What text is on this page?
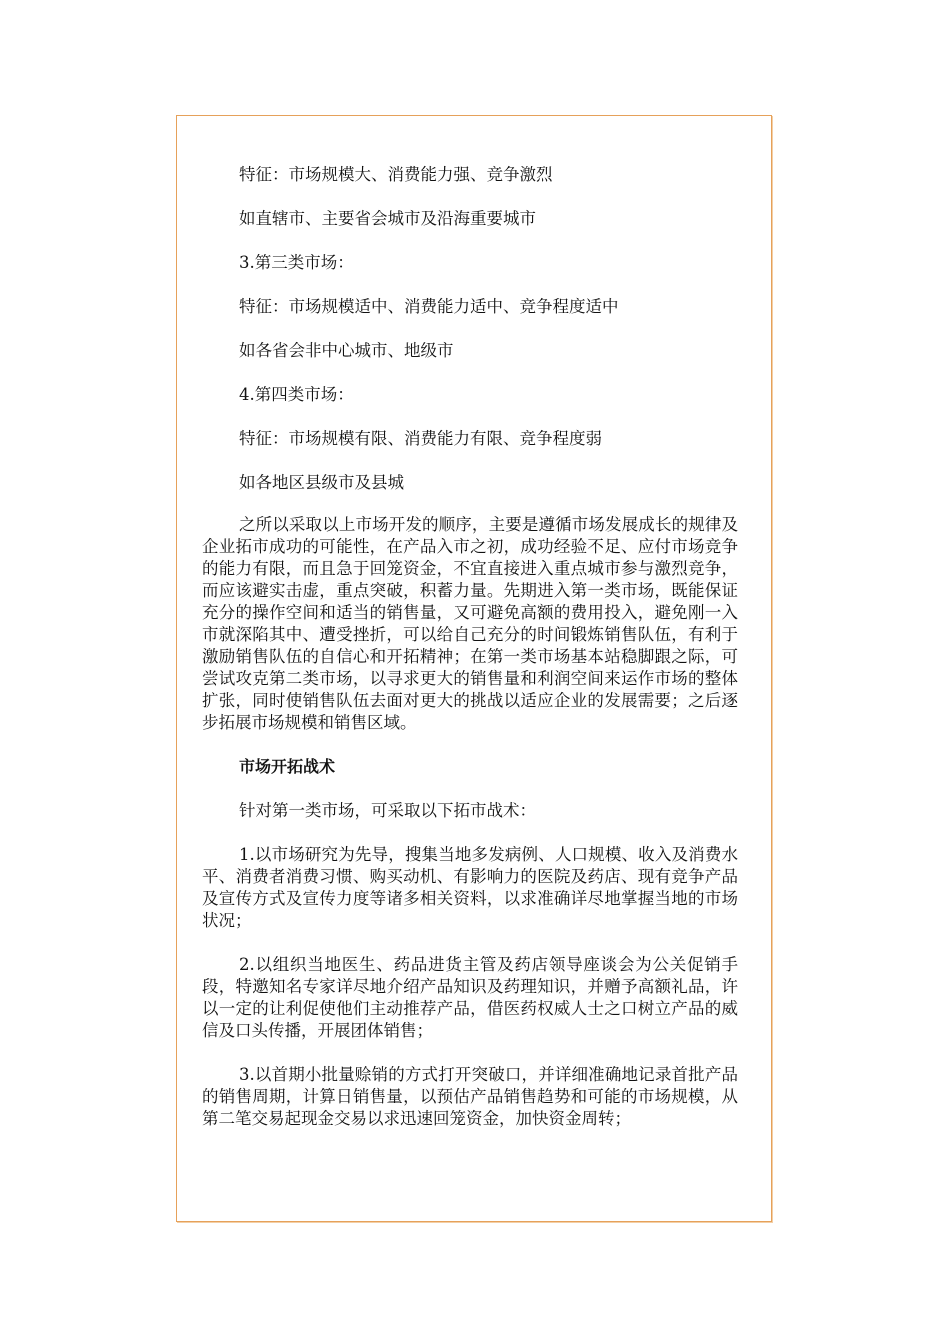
特征：市场规模大、消费能力强、竞争激烈

如直辖市、主要省会城市及沿海重要城市

3.第三类市场：

特征：市场规模适中、消费能力适中、竞争程度适中

如各省会非中心城市、地级市

4.第四类市场：

特征：市场规模有限、消费能力有限、竞争程度弱

如各地区县级市及县城

之所以采取以上市场开发的顺序，主要是遵循市场发展成长的规律及企业拓市成功的可能性，在产品入市之初，成功经验不足、应付市场竞争的能力有限，而且急于回笼资金，不宜直接进入重点城市参与激烈竞争，而应该避实击虚，重点突破，积蓄力量。先期进入第一类市场，既能保证充分的操作空间和适当的销售量，又可避免高额的费用投入，避免刚一入市就深陷其中、遭受挫折，可以给自己充分的时间锻炼销售队伍，有利于激励销售队伍的自信心和开拓精神；在第一类市场基本站稳脚跟之际，可尝试攻克第二类市场，以寻求更大的销售量和利润空间来运作市场的整体扩张，同时使销售队伍去面对更大的挑战以适应企业的发展需要；之后逐步拓展市场规模和销售区域。

市场开拓战术

针对第一类市场，可采取以下拓市战术：

1.以市场研究为先导，搜集当地多发病例、人口规模、收入及消费水平、消费者消费习惯、购买动机、有影响力的医院及药店、现有竞争产品及宣传方式及宣传力度等诸多相关资料，以求准确详尽地掌握当地的市场状况；

2.以组织当地医生、药品进货主管及药店领导座谈会为公关促销手段，特邀知名专家详尽地介绍产品知识及药理知识，并赠予高额礼品，许以一定的让利促使他们主动推荐产品，借医药权威人士之口树立产品的威信及口头传播，开展团体销售；

3.以首期小批量赊销的方式打开突破口，并详细准确地记录首批产品的销售周期，计算日销售量，以预估产品销售趋势和可能的市场规模，从第二笔交易起现金交易以求迅速回笼资金，加快资金周转；
